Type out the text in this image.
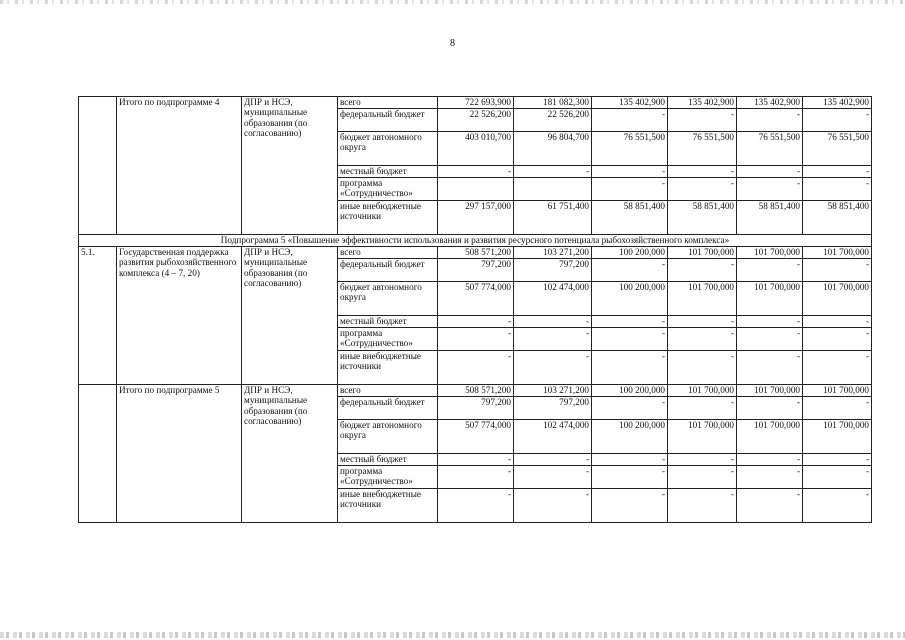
8
	Итого по подпрограмме 4	ДПР и НСЭ, муниципальные образования (по согласованию)	всего	722 693,900	181 082,300	135 402,900	135 402,900	135 402,900	135 402,900
			федеральный бюджет	22 526,200	22 526,200	-	-	-	-
			бюджет автономного округа	403 010,700	96 804,700	76 551,500	76 551,500	76 551,500	76 551,500
			местный бюджет	-	-	-	-	-	-
			программа «Сотрудничество»			-	-	-	-
			иные внебюджетные источники	297 157,000	61 751,400	58 851,400	58 851,400	58 851,400	58 851,400
Подпрограмма 5 «Повышение эффективности использования и развития ресурсного потенциала рыбохозяйственного комплекса»									
5.1.	Государственная поддержка развития рыбохозяйственного комплекса (4 – 7, 20)	ДПР и НСЭ, муниципальные образования (по согласованию)	всего	508 571,200	103 271,200	100 200,000	101 700,000	101 700,000	101 700,000
			федеральный бюджет	797,200	797,200	-	-	-	-
			бюджет автономного округа	507 774,000	102 474,000	100 200,000	101 700,000	101 700,000	101 700,000
			местный бюджет	-	-	-	-	-	-
			программа «Сотрудничество»	-	-	-	-	-	-
			иные внебюджетные источники	-	-	-	-	-	-
	Итого по подпрограмме 5	ДПР и НСЭ, муниципальные образования (по согласованию)	всего	508 571,200	103 271,200	100 200,000	101 700,000	101 700,000	101 700,000
			федеральный бюджет	797,200	797,200	-	-	-	-
			бюджет автономного округа	507 774,000	102 474,000	100 200,000	101 700,000	101 700,000	101 700,000
			местный бюджет	-	-	-	-	-	-
			программа «Сотрудничество»	-	-	-	-	-	-
			иные внебюджетные источники	-	-	-	-	-	-
